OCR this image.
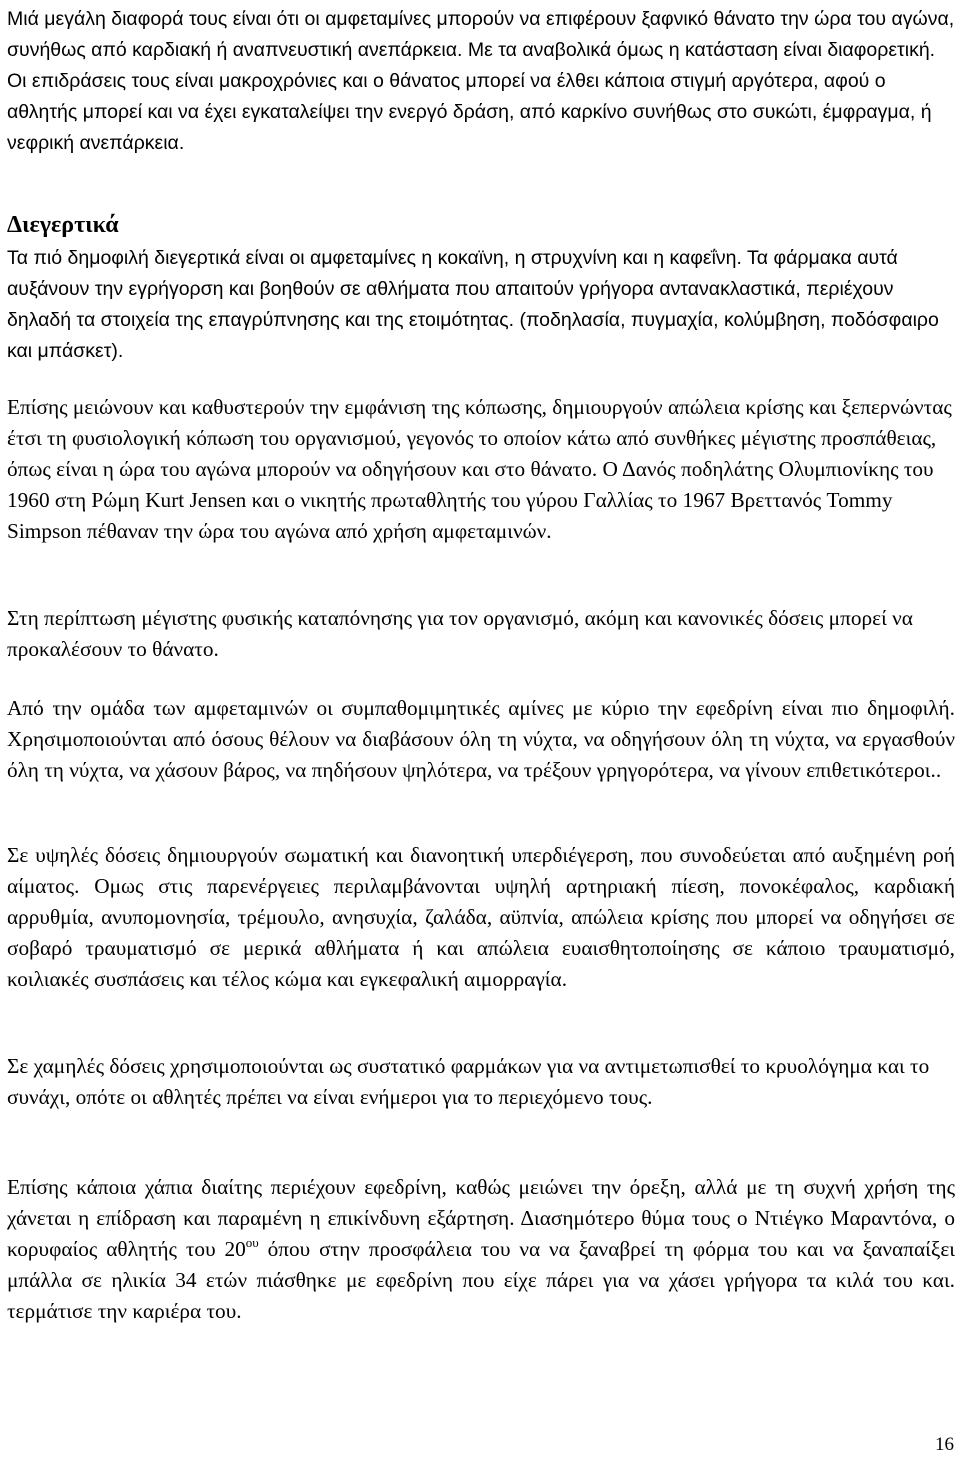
Μιά μεγάλη διαφορά τους είναι ότι οι αμφεταμίνες μπορούν να επιφέρουν ξαφνικό θάνατο την ώρα του αγώνα, συνήθως από καρδιακή ή αναπνευστική ανεπάρκεια. Με τα αναβολικά όμως η κατάσταση είναι διαφορετική. Οι επιδράσεις τους είναι μακροχρόνιες και ο θάνατος μπορεί να έλθει κάποια στιγμή αργότερα, αφού ο αθλητής μπορεί και να έχει εγκαταλείψει την ενεργό δράση, από καρκίνο συνήθως στο συκώτι, έμφραγμα, ή νεφρική ανεπάρκεια.

Διεγερτικά

Τα πιό δημοφιλή διεγερτικά είναι οι αμφεταμίνες η κοκαϊνη, η στρυχνίνη και η καφεΐνη. Τα φάρμακα αυτά αυξάνουν την εγρήγορση και βοηθούν σε αθλήματα που απαιτούν γρήγορα αντανακλαστικά, περιέχουν δηλαδή τα στοιχεία της επαγρύπνησης και της ετοιμότητας. (ποδηλασία, πυγμαχία, κολύμβηση, ποδόσφαιρο και μπάσκετ).

Επίσης μειώνουν και καθυστερούν την εμφάνιση της κόπωσης, δημιουργούν απώλεια κρίσης και ξεπερνώντας έτσι τη φυσιολογική κόπωση του οργανισμού, γεγονός το οποίον κάτω από συνθήκες μέγιστης προσπάθειας, όπως είναι η ώρα του αγώνα μπορούν να οδηγήσουν και στο θάνατο. Ο Δανός ποδηλάτης Ολυμπιονίκης του 1960 στη Ρώμη Kurt Jensen και ο νικητής πρωταθλητής του γύρου Γαλλίας το 1967 Βρεττανός Tommy Simpson πέθαναν την ώρα του αγώνα από χρήση αμφεταμινών.

Στη περίπτωση μέγιστης φυσικής καταπόνησης για τον οργανισμό, ακόμη και κανονικές δόσεις μπορεί να προκαλέσουν το θάνατο.

Από την ομάδα των αμφεταμινών οι συμπαθομιμητικές αμίνες με κύριο την εφεδρίνη είναι πιο δημοφιλή. Χρησιμοποιούνται από όσους θέλουν να διαβάσουν όλη τη νύχτα, να οδηγήσουν όλη τη νύχτα, να εργασθούν όλη τη νύχτα, να χάσουν βάρος, να πηδήσουν ψηλότερα, να τρέξουν γρηγορότερα, να γίνουν επιθετικότεροι..

Σε υψηλές δόσεις δημιουργούν σωματική και διανοητική υπερδιέγερση, που συνοδεύεται από αυξημένη ροή αίματος. Ομως στις παρενέργειες περιλαμβάνονται υψηλή αρτηριακή πίεση, πονοκέφαλος, καρδιακή αρρυθμία, ανυπομονησία, τρέμουλο, ανησυχία, ζαλάδα, αϋπνία, απώλεια κρίσης που μπορεί να οδηγήσει σε σοβαρό τραυματισμό σε μερικά αθλήματα ή και απώλεια ευαισθητοποίησης σε κάποιο τραυματισμό, κοιλιακές συσπάσεις και τέλος κώμα και εγκεφαλική αιμορραγία.

Σε χαμηλές δόσεις χρησιμοποιούνται ως συστατικό φαρμάκων για να αντιμετωπισθεί το κρυολόγημα και το συνάχι, οπότε οι αθλητές πρέπει να είναι ενήμεροι για το περιεχόμενο τους.

Επίσης κάποια χάπια διαίτης περιέχουν εφεδρίνη, καθώς μειώνει την όρεξη, αλλά με τη συχνή χρήση της χάνεται η επίδραση και παραμένη η επικίνδυνη εξάρτηση. Διασημότερο θύμα τους ο Ντιέγκο Μαραντόνα, ο κορυφαίος αθλητής του $20^{o\upsilon}$ όπου στην προσφάλεια του να να ξαναβρεί τη φόρμα του και να ξαναπαίξει μπάλλα σε ηλικία 34 ετών πιάσθηκε με εφεδρίνη που είχε πάρει για να χάσει γρήγορα τα κιλά του και. τερμάτισε την καριέρα του.

16
